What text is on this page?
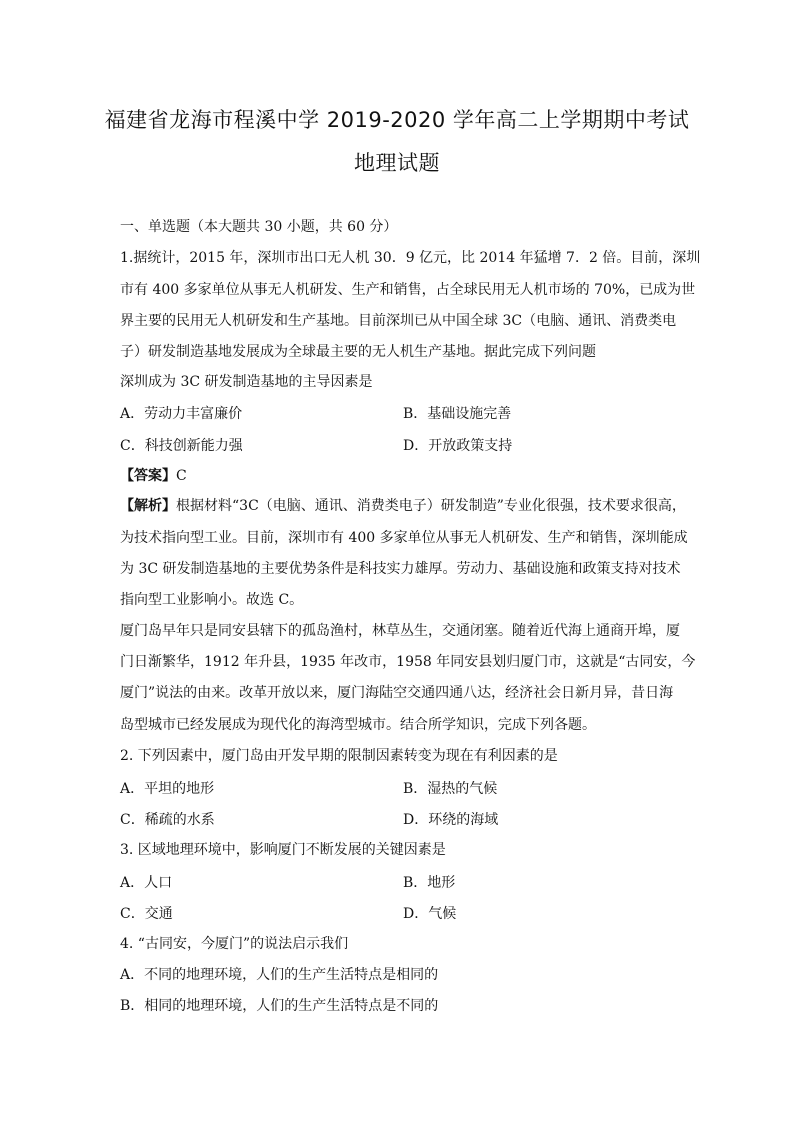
福建省龙海市程溪中学 2019-2020 学年高二上学期期中考试
地理试题
一、单选题（本大题共 30 小题，共 60 分）
1.据统计，2015 年，深圳市出口无人机 30．9 亿元，比 2014 年猛增 7．2 倍。目前，深圳
市有 400 多家单位从事无人机研发、生产和销售，占全球民用无人机市场的 70%，已成为世
界主要的民用无人机研发和生产基地。目前深圳已从中国全球 3C（电脑、通讯、消费类电
子）研发制造基地发展成为全球最主要的无人机生产基地。据此完成下列问题
深圳成为 3C 研发制造基地的主导因素是
A．劳动力丰富廉价	B．基础设施完善
C．科技创新能力强	D．开放政策支持
【答案】C
【解析】根据材料“3C（电脑、通讯、消费类电子）研发制造”专业化很强，技术要求很高，
为技术指向型工业。目前，深圳市有 400 多家单位从事无人机研发、生产和销售，深圳能成
为 3C 研发制造基地的主要优势条件是科技实力雄厚。劳动力、基础设施和政策支持对技术
指向型工业影响小。故选 C。
厦门岛早年只是同安县辖下的孤岛渔村，林草丛生，交通闭塞。随着近代海上通商开埠，厦
门日渐繁华，1912 年升县，1935 年改市，1958 年同安县划归厦门市，这就是“古同安，今
厦门”说法的由来。改革开放以来，厦门海陆空交通四通八达，经济社会日新月异，昔日海
岛型城市已经发展成为现代化的海湾型城市。结合所学知识，完成下列各题。
2. 下列因素中，厦门岛由开发早期的限制因素转变为现在有利因素的是
A．平坦的地形	B．湿热的气候
C．稀疏的水系	D．环绕的海域
3. 区域地理环境中，影响厦门不断发展的关键因素是
A．人口	B．地形
C．交通	D．气候
4. “古同安，今厦门”的说法启示我们
A．不同的地理环境，人们的生产生活特点是相同的
B．相同的地理环境，人们的生产生活特点是不同的
